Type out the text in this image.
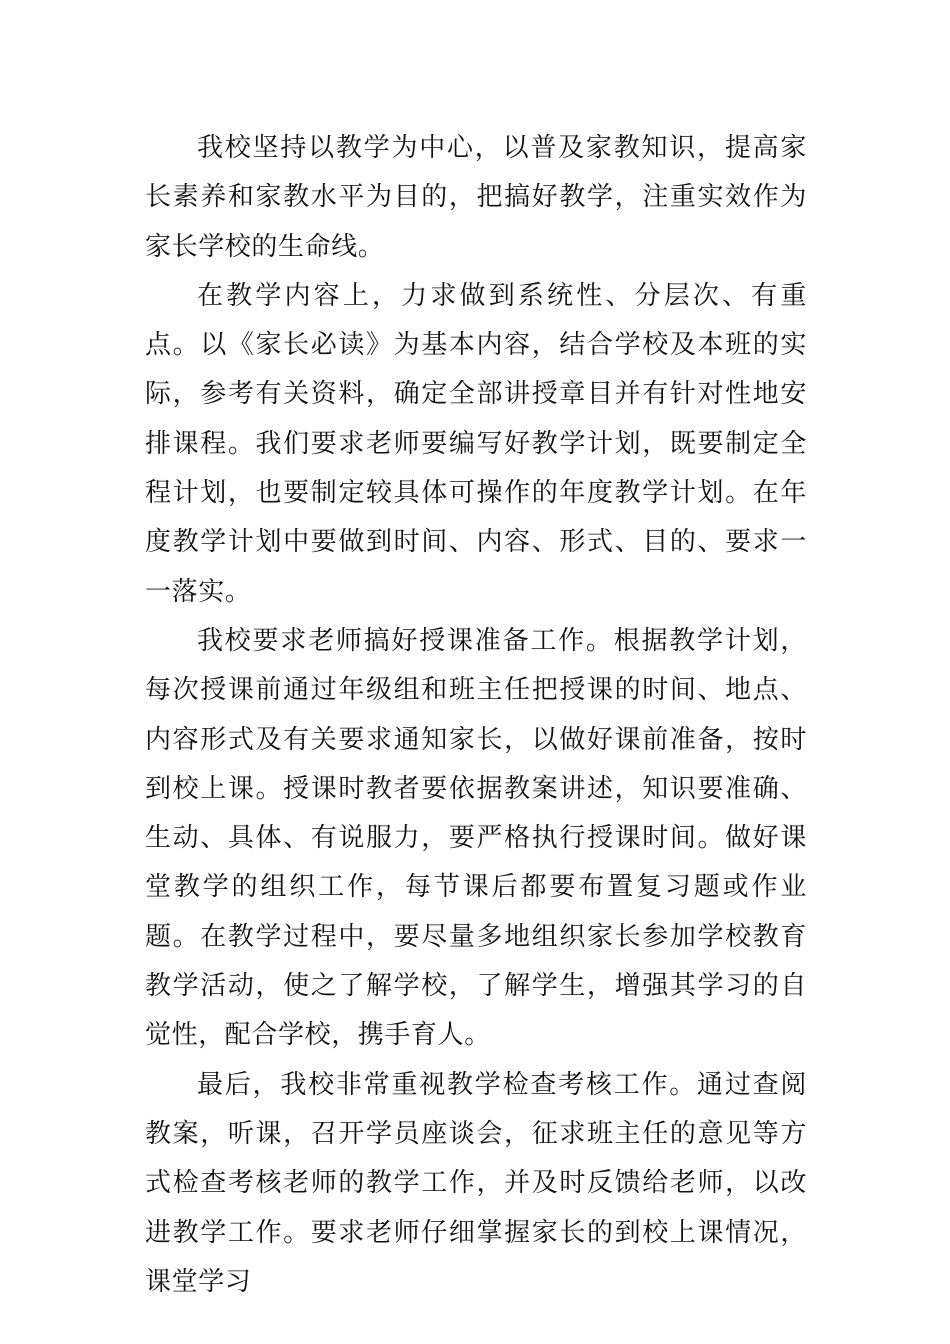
我校坚持以教学为中心，以普及家教知识，提高家长素养和家教水平为目的，把搞好教学，注重实效作为家长学校的生命线。

在教学内容上，力求做到系统性、分层次、有重点。以《家长必读》为基本内容，结合学校及本班的实际，参考有关资料，确定全部讲授章目并有针对性地安排课程。我们要求老师要编写好教学计划，既要制定全程计划，也要制定较具体可操作的年度教学计划。在年度教学计划中要做到时间、内容、形式、目的、要求一一落实。

我校要求老师搞好授课准备工作。根据教学计划，每次授课前通过年级组和班主任把授课的时间、地点、内容形式及有关要求通知家长，以做好课前准备，按时到校上课。授课时教者要依据教案讲述，知识要准确、生动、具体、有说服力，要严格执行授课时间。做好课堂教学的组织工作，每节课后都要布置复习题或作业题。在教学过程中，要尽量多地组织家长参加学校教育教学活动，使之了解学校，了解学生，增强其学习的自觉性，配合学校，携手育人。

最后，我校非常重视教学检查考核工作。通过查阅教案，听课，召开学员座谈会，征求班主任的意见等方式检查考核老师的教学工作，并及时反馈给老师，以改进教学工作。要求老师仔细掌握家长的到校上课情况，课堂学习
